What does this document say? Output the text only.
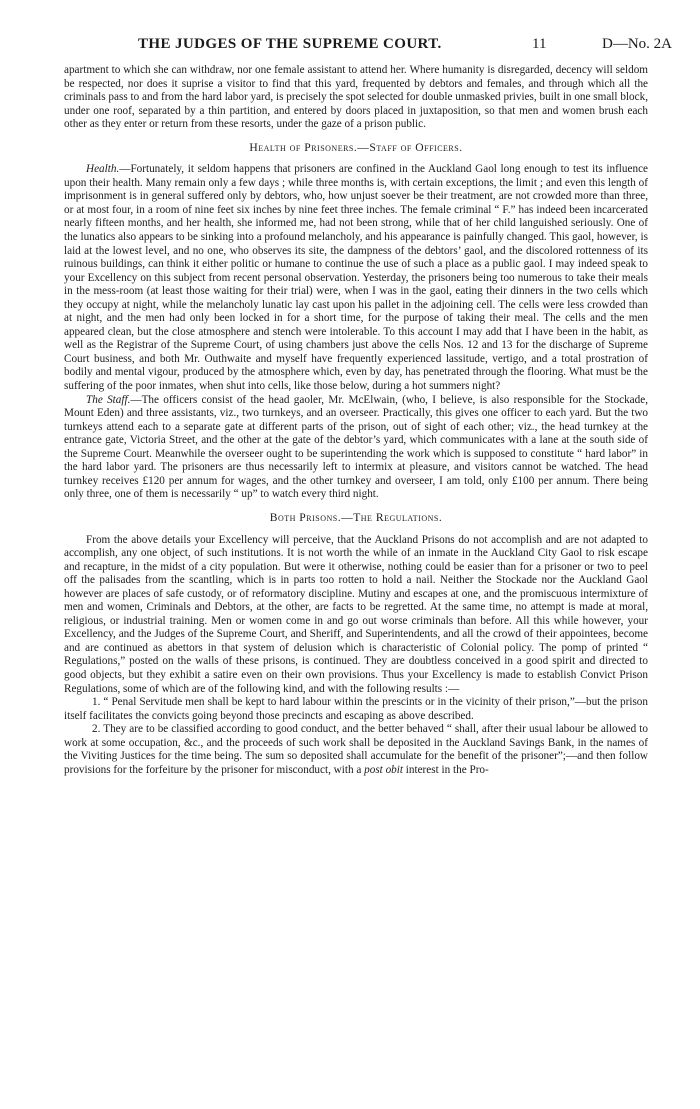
THE JUDGES OF THE SUPREME COURT.	11	D—No. 2A

apartment to which she can withdraw, nor one female assistant to attend her. Where humanity is disregarded, decency will seldom be respected, nor does it suprise a visitor to find that this yard, frequented by debtors and females, and through which all the criminals pass to and from the hard labor yard, is precisely the spot selected for double unmasked privies, built in one small block, under one roof, separated by a thin partition, and entered by doors placed in juxtaposition, so that men and women brush each other as they enter or return from these resorts, under the gaze of a prison public.

Health of Prisoners.—Staff of Officers.

Health.—Fortunately, it seldom happens that prisoners are confined in the Auckland Gaol long enough to test its influence upon their health. Many remain only a few days ; while three months is, with certain exceptions, the limit ; and even this length of imprisonment is in general suffered only by debtors, who, how unjust soever be their treatment, are not crowded more than three, or at most four, in a room of nine feet six inches by nine feet three inches. The female criminal “ F.” has indeed been incarcerated nearly fifteen months, and her health, she informed me, had not been strong, while that of her child languished seriously. One of the lunatics also appears to be sinking into a profound melancholy, and his appearance is painfully changed. This gaol, however, is laid at the lowest level, and no one, who observes its site, the dampness of the debtors’ gaol, and the discolored rottenness of its ruinous buildings, can think it either politic or humane to continue the use of such a place as a public gaol. I may indeed speak to your Excellency on this subject from recent personal observation. Yesterday, the prisoners being too numerous to take their meals in the mess-room (at least those waiting for their trial) were, when I was in the gaol, eating their dinners in the two cells which they occupy at night, while the melancholy lunatic lay cast upon his pallet in the adjoining cell. The cells were less crowded than at night, and the men had only been locked in for a short time, for the purpose of taking their meal. The cells and the men appeared clean, but the close atmosphere and stench were intolerable. To this account I may add that I have been in the habit, as well as the Registrar of the Supreme Court, of using chambers just above the cells Nos. 12 and 13 for the discharge of Supreme Court business, and both Mr. Outhwaite and myself have frequently experienced lassitude, vertigo, and a total prostration of bodily and mental vigour, produced by the atmosphere which, even by day, has penetrated through the flooring. What must be the suffering of the poor inmates, when shut into cells, like those below, during a hot summers night?

The Staff.—The officers consist of the head gaoler, Mr. McElwain, (who, I believe, is also responsible for the Stockade, Mount Eden) and three assistants, viz., two turnkeys, and an overseer. Practically, this gives one officer to each yard. But the two turnkeys attend each to a separate gate at different parts of the prison, out of sight of each other; viz., the head turnkey at the entrance gate, Victoria Street, and the other at the gate of the debtor’s yard, which communicates with a lane at the south side of the Supreme Court. Meanwhile the overseer ought to be superintending the work which is supposed to constitute “ hard labor” in the hard labor yard. The prisoners are thus necessarily left to intermix at pleasure, and visitors cannot be watched. The head turnkey receives £120 per annum for wages, and the other turnkey and overseer, I am told, only £100 per annum. There being only three, one of them is necessarily “ up” to watch every third night.

Both Prisons.—The Regulations.

From the above details your Excellency will perceive, that the Auckland Prisons do not accomplish and are not adapted to accomplish, any one object, of such institutions. It is not worth the while of an inmate in the Auckland City Gaol to risk escape and recapture, in the midst of a city population. But were it otherwise, nothing could be easier than for a prisoner or two to peel off the palisades from the scantling, which is in parts too rotten to hold a nail. Neither the Stockade nor the Auckland Gaol however are places of safe custody, or of reformatory discipline. Mutiny and escapes at one, and the promiscuous intermixture of men and women, Criminals and Debtors, at the other, are facts to be regretted. At the same time, no attempt is made at moral, religious, or industrial training. Men or women come in and go out worse criminals than before. All this while however, your Excellency, and the Judges of the Supreme Court, and Sheriff, and Superintendents, and all the crowd of their appointees, become and are continued as abettors in that system of delusion which is characteristic of Colonial policy. The pomp of printed “ Regulations,” posted on the walls of these prisons, is continued. They are doubtless conceived in a good spirit and directed to good objects, but they exhibit a satire even on their own provisions. Thus your Excellency is made to establish Convict Prison Regulations, some of which are of the following kind, and with the following results :—

1. “ Penal Servitude men shall be kept to hard labour within the prescints or in the vicinity of their prison,”—but the prison itself facilitates the convicts going beyond those precincts and escaping as above described.

2. They are to be classified according to good conduct, and the better behaved “ shall, after their usual labour be allowed to work at some occupation, &c., and the proceeds of such work shall be deposited in the Auckland Savings Bank, in the names of the Viviting Justices for the time being. The sum so deposited shall accumulate for the benefit of the prisoner”;—and then follow provisions for the forfeiture by the prisoner for misconduct, with a post obit interest in the Pro-
